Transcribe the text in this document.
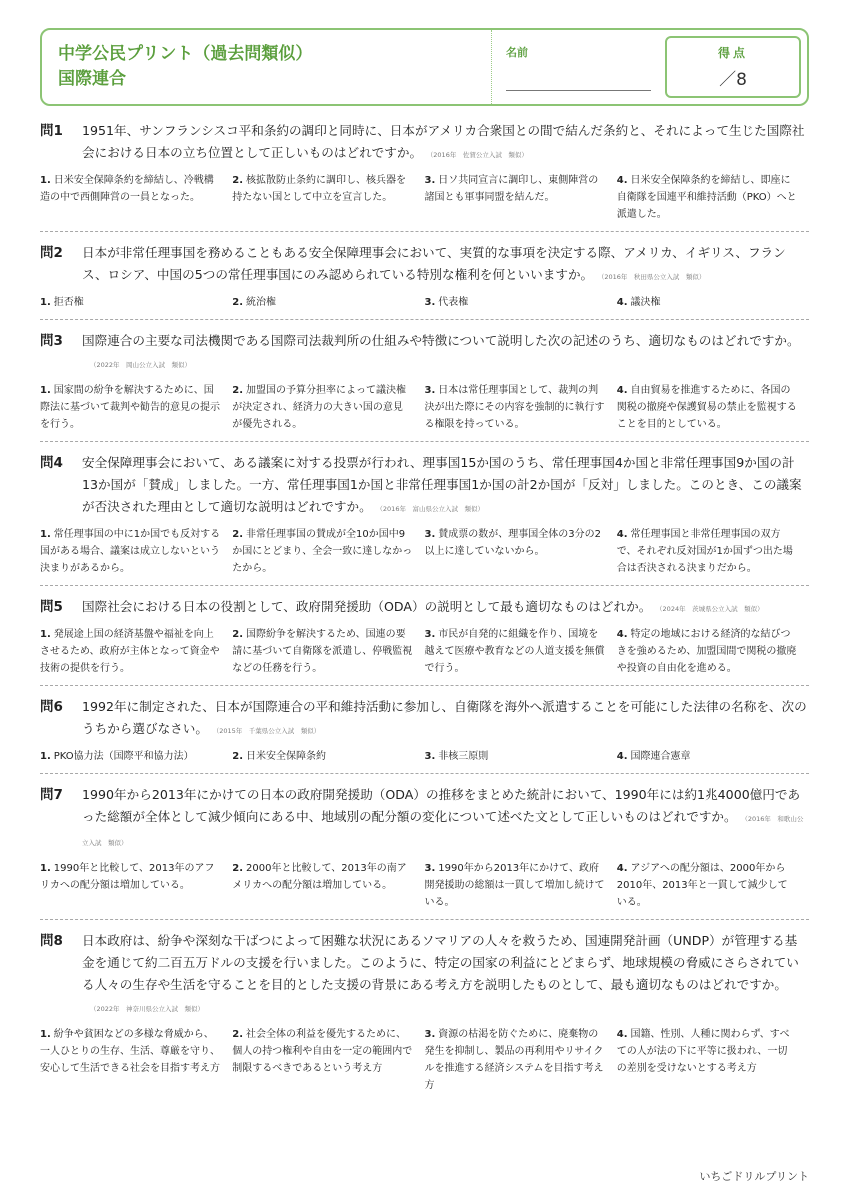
中学公民プリント（過去問類似）
国際連合
名前	得点
／8
問1	1951年、サンフランシスコ平和条約の調印と同時に、日本がアメリカ合衆国との間で結んだ条約と、それによって生じた国際社会における日本の立ち位置として正しいものはどれですか。 （2016年　佐賀公立入試　類似）
1. 日米安全保障条約を締結し、冷戦構造の中で西側陣営の一員となった。
2. 核拡散防止条約に調印し、核兵器を持たない国として中立を宣言した。
3. 日ソ共同宣言に調印し、東側陣営の諸国とも軍事同盟を結んだ。
4. 日米安全保障条約を締結し、即座に自衛隊を国連平和維持活動（PKO）へと派遣した。
問2	日本が非常任理事国を務めることもある安全保障理事会において、実質的な事項を決定する際、アメリカ、イギリス、フランス、ロシア、中国の5つの常任理事国にのみ認められている特別な権利を何といいますか。 （2016年　秋田県公立入試　類似）
1. 拒否権	2. 統治権	3. 代表権	4. 議決権
問3	国際連合の主要な司法機関である国際司法裁判所の仕組みや特徴について説明した次の記述のうち、適切なものはどれですか。（2022年　岡山公立入試　類似）
1. 国家間の紛争を解決するために、国際法に基づいて裁判や勧告的意見の提示を行う。
2. 加盟国の予算分担率によって議決権が決定され、経済力の大きい国の意見が優先される。
3. 日本は常任理事国として、裁判の判決が出た際にその内容を強制的に執行する権限を持っている。
4. 自由貿易を推進するために、各国の関税の撤廃や保護貿易の禁止を監視することを目的としている。
問4	安全保障理事会において、ある議案に対する投票が行われ、理事国15か国のうち、常任理事国4か国と非常任理事国9か国の計13か国が「賛成」しました。一方、常任理事国1か国と非常任理事国1か国の計2か国が「反対」しました。このとき、この議案が否決された理由として適切な説明はどれですか。 （2016年　富山県公立入試　類似）
1. 常任理事国の中に1か国でも反対する国がある場合、議案は成立しないという決まりがあるから。
2. 非常任理事国の賛成が全10か国中9か国にとどまり、全会一致に達しなかったから。
3. 賛成票の数が、理事国全体の3分の2以上に達していないから。
4. 常任理事国と非常任理事国の双方で、それぞれ反対国が1か国ずつ出た場合は否決される決まりだから。
問5	国際社会における日本の役割として、政府開発援助（ODA）の説明として最も適切なものはどれか。 （2024年　茨城県公立入試　類似）
1. 発展途上国の経済基盤や福祉を向上させるため、政府が主体となって資金や技術の提供を行う。
2. 国際紛争を解決するため、国連の要請に基づいて自衛隊を派遣し、停戦監視などの任務を行う。
3. 市民が自発的に組織を作り、国境を越えて医療や教育などの人道支援を無償で行う。
4. 特定の地域における経済的な結びつきを強めるため、加盟国間で関税の撤廃や投資の自由化を進める。
問6	1992年に制定された、日本が国際連合の平和維持活動に参加し、自衛隊を海外へ派遣することを可能にした法律の名称を、次のうちから選びなさい。 （2015年　千葉県公立入試　類似）
1. PKO協力法（国際平和協力法）	2. 日米安全保障条約	3. 非核三原則	4. 国際連合憲章
問7	1990年から2013年にかけての日本の政府開発援助（ODA）の推移をまとめた統計において、1990年には約1兆4000億円であった総額が全体として減少傾向にある中、地域別の配分額の変化について述べた文として正しいものはどれですか。 （2016年　和歌山公立入試　類似）
1. 1990年と比較して、2013年のアフリカへの配分額は増加している。
2. 2000年と比較して、2013年の南アメリカへの配分額は増加している。
3. 1990年から2013年にかけて、政府開発援助の総額は一貫して増加し続けている。
4. アジアへの配分額は、2000年から2010年、2013年と一貫して減少している。
問8	日本政府は、紛争や深刻な干ばつによって困難な状況にあるソマリアの人々を救うため、国連開発計画（UNDP）が管理する基金を通じて約二百五万ドルの支援を行いました。このように、特定の国家の利益にとどまらず、地球規模の脅威にさらされている人々の生存や生活を守ることを目的とした支援の背景にある考え方を説明したものとして、最も適切なものはどれですか。（2022年　神奈川県公立入試　類似）
1. 紛争や貧困などの多様な脅威から、一人ひとりの生存、生活、尊厳を守り、安心して生活できる社会を目指す考え方
2. 社会全体の利益を優先するために、個人の持つ権利や自由を一定の範囲内で制限するべきであるという考え方
3. 資源の枯渇を防ぐために、廃棄物の発生を抑制し、製品の再利用やリサイクルを推進する経済システムを目指す考え方
4. 国籍、性別、人種に関わらず、すべての人が法の下に平等に扱われ、一切の差別を受けないとする考え方
いちごドリルプリント
